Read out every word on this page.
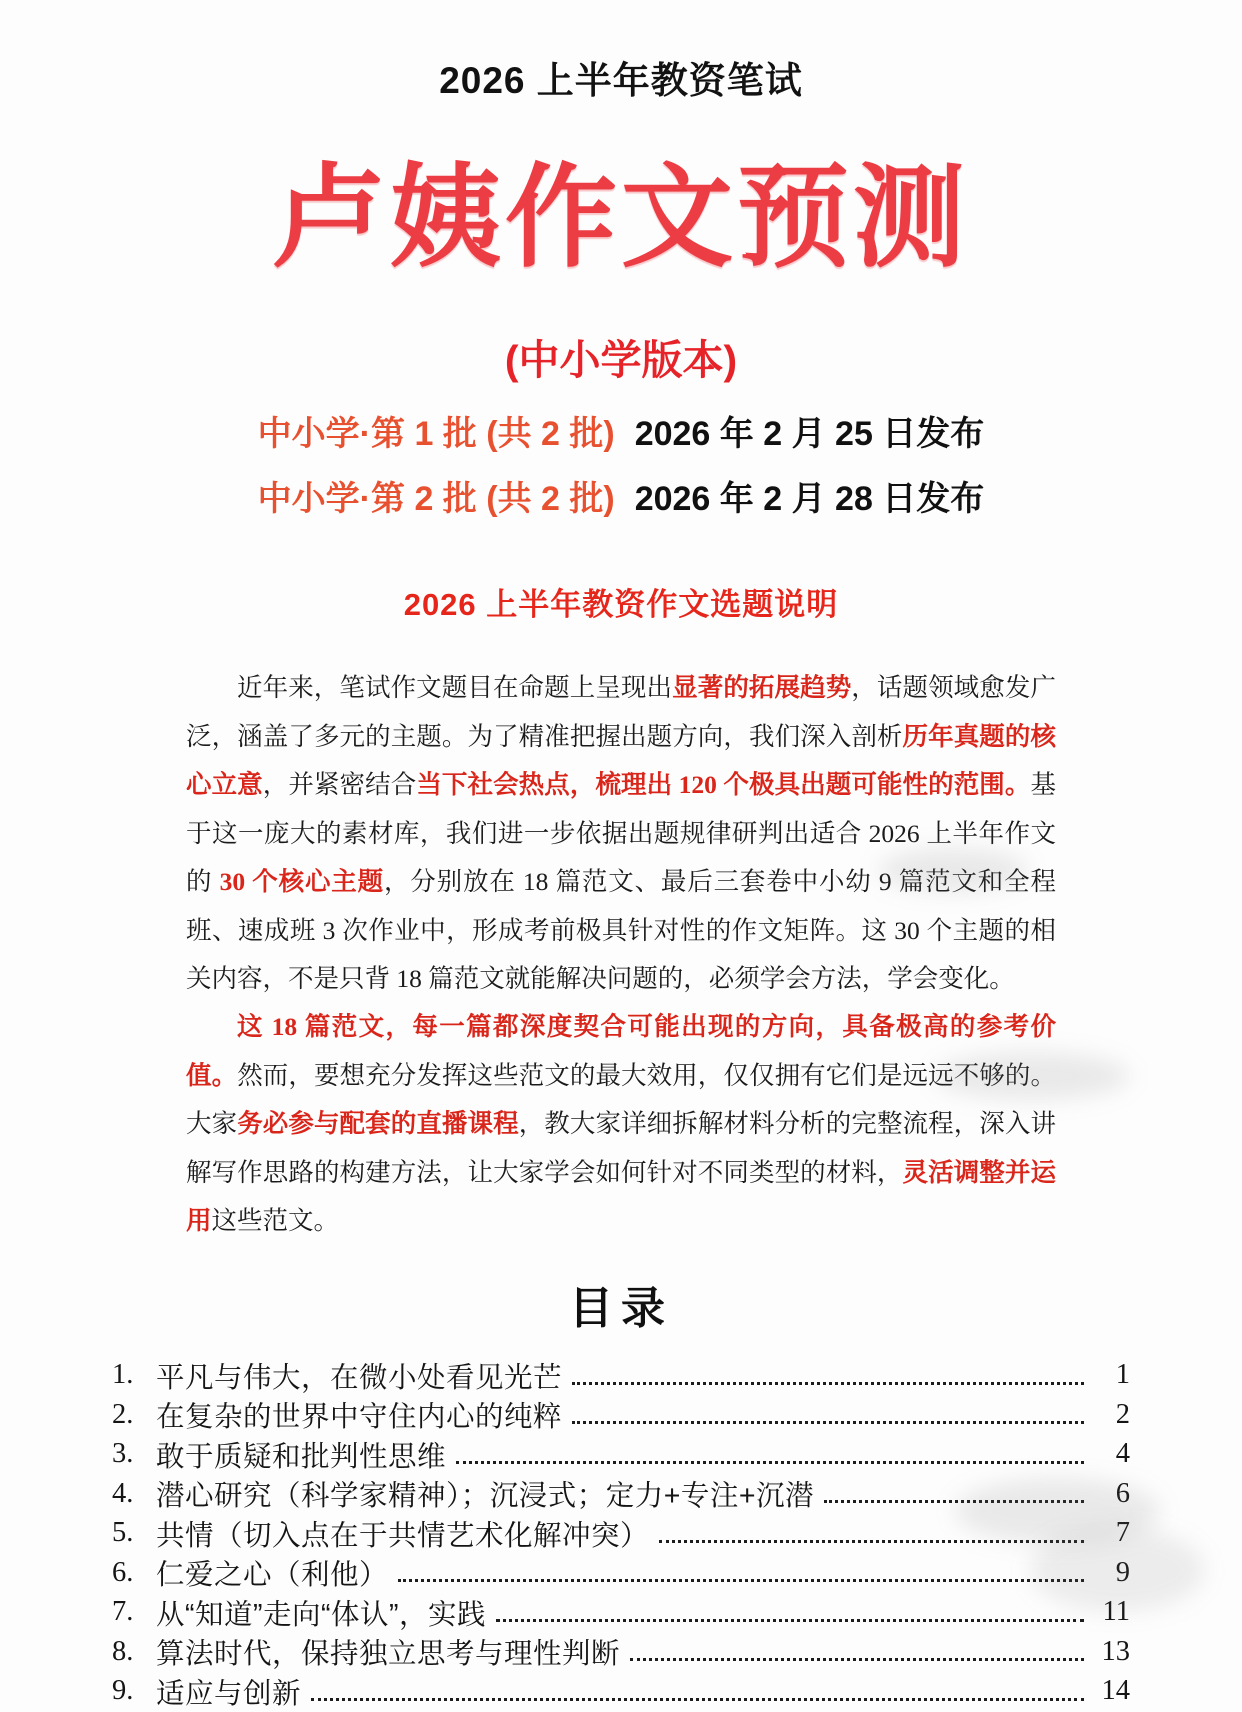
2026 上半年教资笔试
卢姨作文预测
(中小学版本)
中小学·第 1 批 (共 2 批) 2026 年 2 月 25 日发布
中小学·第 2 批 (共 2 批) 2026 年 2 月 28 日发布
2026 上半年教资作文选题说明

近年来，笔试作文题目在命题上呈现出显著的拓展趋势，话题领域愈发广泛，涵盖了多元的主题。为了精准把握出题方向，我们深入剖析历年真题的核心立意，并紧密结合当下社会热点，梳理出 120 个极具出题可能性的范围。基于这一庞大的素材库，我们进一步依据出题规律研判出适合 2026 上半年作文的 30 个核心主题，分别放在 18 篇范文、最后三套卷中小幼 9 篇范文和全程班、速成班 3 次作业中，形成考前极具针对性的作文矩阵。这 30 个主题的相关内容，不是只背 18 篇范文就能解决问题的，必须学会方法，学会变化。

这 18 篇范文，每一篇都深度契合可能出现的方向，具备极高的参考价值。然而，要想充分发挥这些范文的最大效用，仅仅拥有它们是远远不够的。大家务必参与配套的直播课程，教大家详细拆解材料分析的完整流程，深入讲解写作思路的构建方法，让大家学会如何针对不同类型的材料，灵活调整并运用这些范文。

目录
1. 平凡与伟大，在微小处看见光芒	1
2. 在复杂的世界中守住内心的纯粹	2
3. 敢于质疑和批判性思维	4
4. 潜心研究（科学家精神）；沉浸式；定力+专注+沉潜	6
5. 共情（切入点在于共情艺术化解冲突）	7
6. 仁爱之心（利他）	9
7. 从“知道”走向“体认”，实践	11
8. 算法时代，保持独立思考与理性判断	13
9. 适应与创新	14
